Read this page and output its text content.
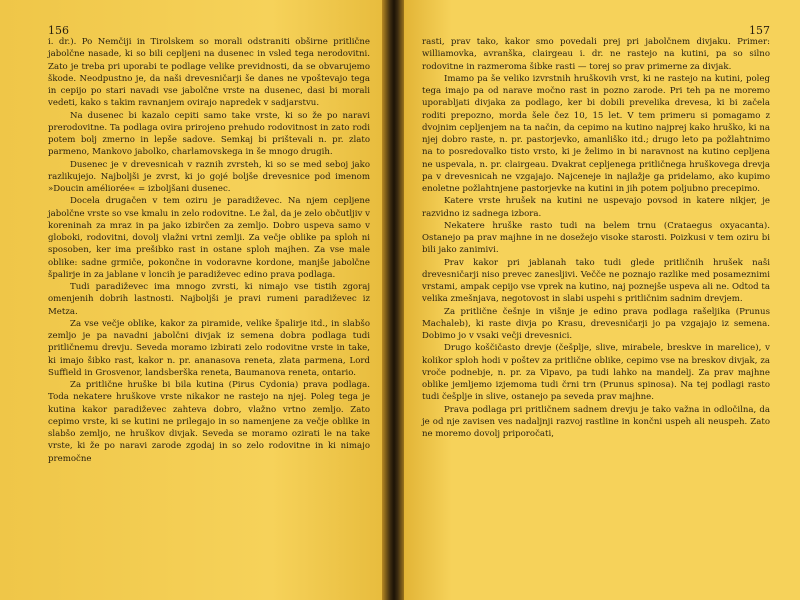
156

i. dr.). Po Nemčiji in Tirolskem so morali odstraniti obširne pritlične jabolčne nasade, ki so bili cepljeni na dusenec in vsled tega nerodovitni. Zato je treba pri uporabi te podlage velike previdnosti, da se obvarujemo škode. Neodpustno je, da naši drevesničarji še danes ne vpoštevajo tega in cepijo po stari navadi vse jabolčne vrste na dusenec, dasi bi morali vedeti, kako s takim ravnanjem ovirajo napredek v sadjarstvu.

Na dusenec bi kazalo cepiti samo take vrste, ki so že po naravi prerodovitne. Ta podlaga ovira prirojeno prehudo rodovitnost in zato rodi potem bolj zmerno in lepše sadove. Semkaj bi prištevali n. pr. zlato parmeno, Mankovo jabolko, charlamovskega in še mnogo drugih.

Dusenec je v drevesnicah v raznih zvrsteh, ki so se med seboj jako razlikujejo. Najboljši je zvrst, ki jo gojé boljše drevesnice pod imenom »Doucin améliorée« = izboljšani dusenec.

Docela drugačen v tem oziru je paradiževec. Na njem cepljene jabolčne vrste so vse kmalu in zelo rodovitne. Le žal, da je zelo občutljiv v koreninah za mraz in pa jako izbirčen za zemljo. Dobro uspeva samo v globoki, rodovitni, dovolj vlažni vrtni zemlji. Za večje oblike pa sploh ni sposoben, ker ima prešibko rast in ostane sploh majhen. Za vse male oblike: sadne grmiče, pokončne in vodoravne kordone, manjše jabolčne špalirje in za jablane v loncih je paradiževec edino prava podlaga.

Tudi paradiževec ima mnogo zvrsti, ki nimajo vse tistih zgoraj omenjenih dobrih lastnosti. Najboljši je pravi rumeni paradiževec iz Metza.

Za vse večje oblike, kakor za piramide, velike špalirje itd., in slabšo zemljo je pa navadni jabolčni divjak iz semena dobra podlaga tudi pritličnemu drevju. Seveda moramo izbirati zelo rodovitne vrste in take, ki imajo šibko rast, kakor n. pr. ananasova reneta, zlata parmena, Lord Suffield in Grosvenor, landsberška reneta, Baumanova reneta, ontario.

Za pritlične hruške bi bila kutina (Pirus Cydonia) prava podlaga. Toda nekatere hruškove vrste nikakor ne rastejo na njej. Poleg tega je kutina kakor paradiževec zahteva dobro, vlažno vrtno zemljo. Zato cepimo vrste, ki se kutini ne prilegajo in so namenjene za večje oblike in slabšo zemljo, ne hruškov divjak. Seveda se moramo ozirati le na take vrste, ki že po naravi zarode zgodaj in so zelo rodovitne in ki nimajo premočne

157

rasti, prav tako, kakor smo povedali prej pri jabolčnem divjaku. Primer: williamovka, avranška, clairgeau i. dr. ne rastejo na kutini, pa so silno rodovitne in razmeroma šibke rasti — torej so prav primerne za divjak.

Imamo pa še veliko izvrstnih hruškovih vrst, ki ne rastejo na kutini, poleg tega imajo pa od narave močno rast in pozno zarode. Pri teh pa ne moremo uporabljati divjaka za podlago, ker bi dobili prevelika drevesa, ki bi začela roditi prepozno, morda šele čez 10, 15 let. V tem primeru si pomagamo z dvojnim cepljenjem na ta način, da cepimo na kutino najprej kako hruško, ki na njej dobro raste, n. pr. pastorjevko, amanliško itd.; drugo leto pa požlahtnimo na to posredovalko tisto vrsto, ki je želimo in bi naravnost na kutino cepljena ne uspevala, n. pr. clairgeau. Dvakrat cepljenega pritličnega hruškovega drevja pa v drevesnicah ne vzgajajo. Najceneje in najlažje ga pridelamo, ako kupimo enoletne požlahtnjene pastorjevke na kutini in jih potem poljubno precepimo.

Katere vrste hrušek na kutini ne uspevajo povsod in katere nikjer, je razvidno iz sadnega izbora.

Nekatere hruške rasto tudi na belem trnu (Crataegus oxyacanta). Ostanejo pa prav majhne in ne dosežejo visoke starosti. Poizkusi v tem oziru bi bili jako zanimivi.

Prav kakor pri jablanah tako tudi glede pritličnih hrušek naši drevesničarji niso prevec zanesljivi. Večče ne poznajo razlike med posameznimi vrstami, ampak cepijo vse vprek na kutino, naj poznejše uspeva ali ne. Odtod ta velika zmešnjava, negotovost in slabi uspehi s pritličnim sadnim drevjem.

Za pritlične češnje in višnje je edino prava podlaga rašeljika (Prunus Machaleb), ki raste divja po Krasu, drevesničarji jo pa vzgajajo iz semena. Dobimo jo v vsaki večji drevesnici.

Drugo koščičasto drevje (češplje, slive, mirabele, breskve in marelice), v kolikor sploh hodi v poštev za pritlične oblike, cepimo vse na breskov divjak, za vroče podnebje, n. pr. za Vipavo, pa tudi lahko na mandelj. Za prav majhne oblike jemljemo izjemoma tudi črni trn (Prunus spinosa). Na tej podlagi rasto tudi češplje in slive, ostanejo pa seveda prav majhne.

Prava podlaga pri pritličnem sadnem drevju je tako važna in odločilna, da je od nje zavisen ves nadaljnji razvoj rastline in končni uspeh ali neuspeh. Zato ne moremo dovolj priporočati,
